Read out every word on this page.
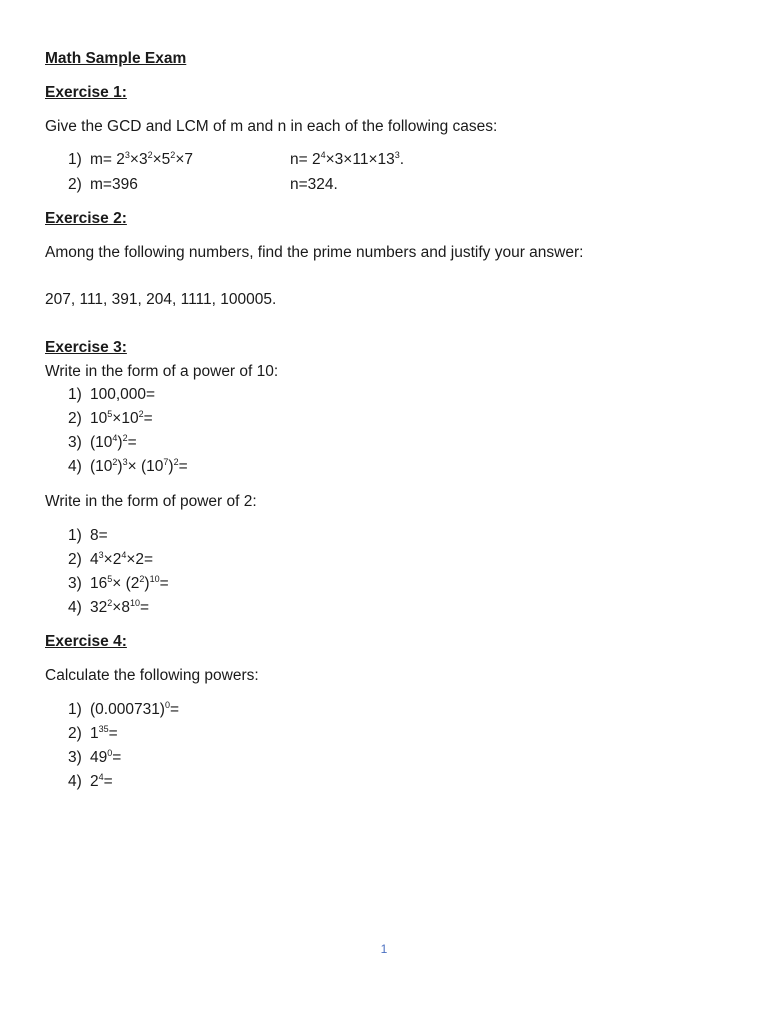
Math Sample Exam
Exercise 1:
Give the GCD and LCM of m and n in each of the following cases:
1) $m= 2^3\times 3^2\times 5^2\times 7$	$n= 2^4\times 3\times 11\times 13^3$.
2) m=396	n=324.
Exercise 2:
Among the following numbers, find the prime numbers and justify your answer:
207, 111, 391, 204, 1111, 100005.
Exercise 3:
Write in the form of a power of 10:
1) 100,000=
2) $10^5\times 10^2=$
3) $(10^4)^2=$
4) $(10^2)^3\times (10^7)^2=$
Write in the form of power of 2:
1) 8=
2) $4^3\times 2^4\times 2=$
3) $16^5\times (2^2)^{10}=$
4) $32^2\times 8^{10}=$
Exercise 4:
Calculate the following powers:
1) $(0.000731)^0=$
2) $1^{35}=$
3) $49^0=$
4) $2^4=$
1
